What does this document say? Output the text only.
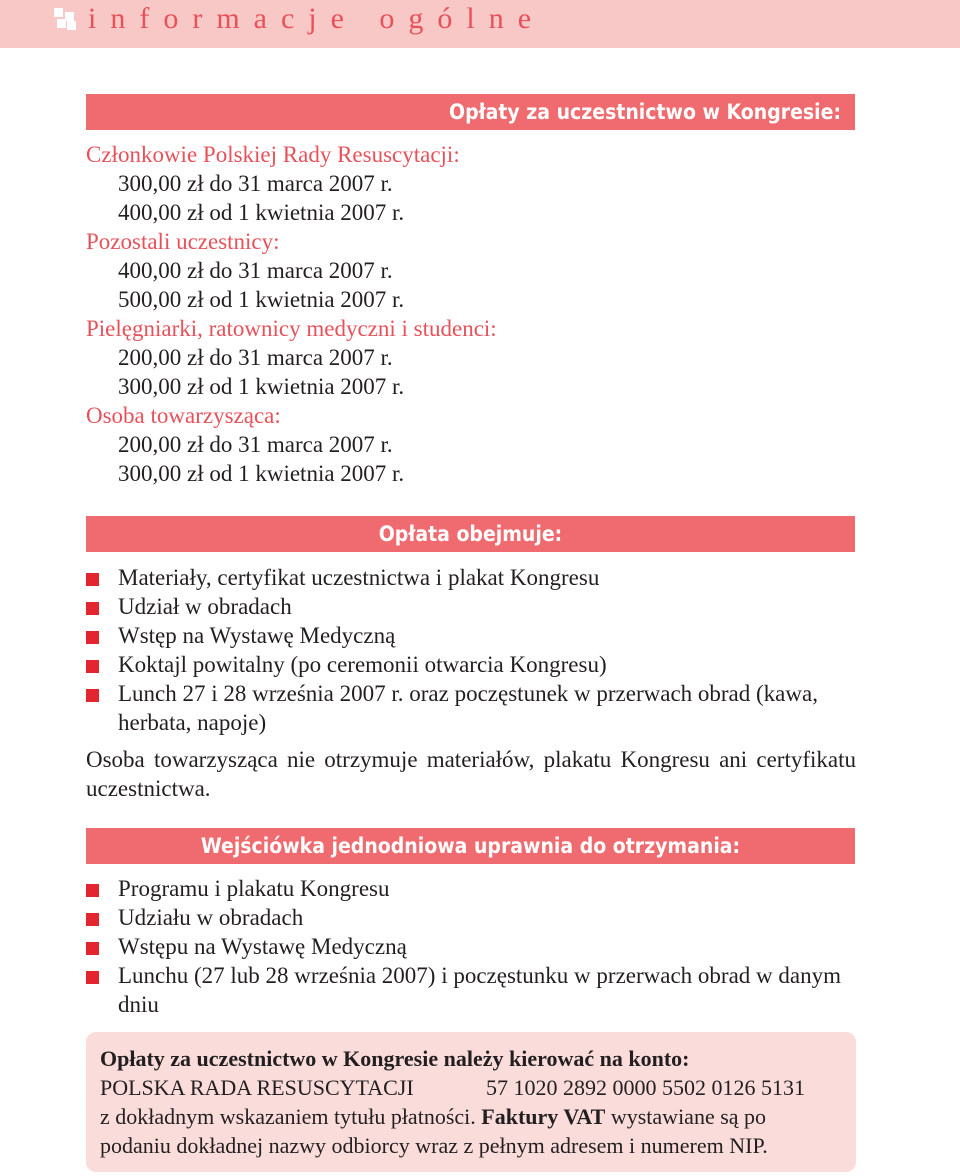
informacje ogólne
Opłaty za uczestnictwo w Kongresie:
Członkowie Polskiej Rady Resuscytacji:
300,00 zł do 31 marca 2007 r.
400,00 zł od 1 kwietnia 2007 r.
Pozostali uczestnicy:
400,00 zł do 31 marca 2007 r.
500,00 zł od 1 kwietnia 2007 r.
Pielęgniarki, ratownicy medyczni i studenci:
200,00 zł do 31 marca 2007 r.
300,00 zł od 1 kwietnia 2007 r.
Osoba towarzysząca:
200,00 zł do 31 marca 2007 r.
300,00 zł od 1 kwietnia 2007 r.
Opłata obejmuje:
Materiały, certyfikat uczestnictwa i plakat Kongresu
Udział w obradach
Wstęp na Wystawę Medyczną
Koktajl powitalny (po ceremonii otwarcia Kongresu)
Lunch 27 i 28 września 2007 r. oraz poczęstunek w przerwach obrad (kawa, herbata, napoje)
Osoba towarzysząca nie otrzymuje materiałów, plakatu Kongresu ani certyfikatu uczestnictwa.
Wejściówka jednodniowa uprawnia do otrzymania:
Programu i plakatu Kongresu
Udziału w obradach
Wstępu na Wystawę Medyczną
Lunchu (27 lub 28 września 2007) i poczęstunku w przerwach obrad w danym dniu
Opłaty za uczestnictwo w Kongresie należy kierować na konto:
POLSKA RADA RESUSCYTACJI	57 1020 2892 0000 5502 0126 5131
z dokładnym wskazaniem tytułu płatności. Faktury VAT wystawiane są po
podaniu dokładnej nazwy odbiorcy wraz z pełnym adresem i numerem NIP.
